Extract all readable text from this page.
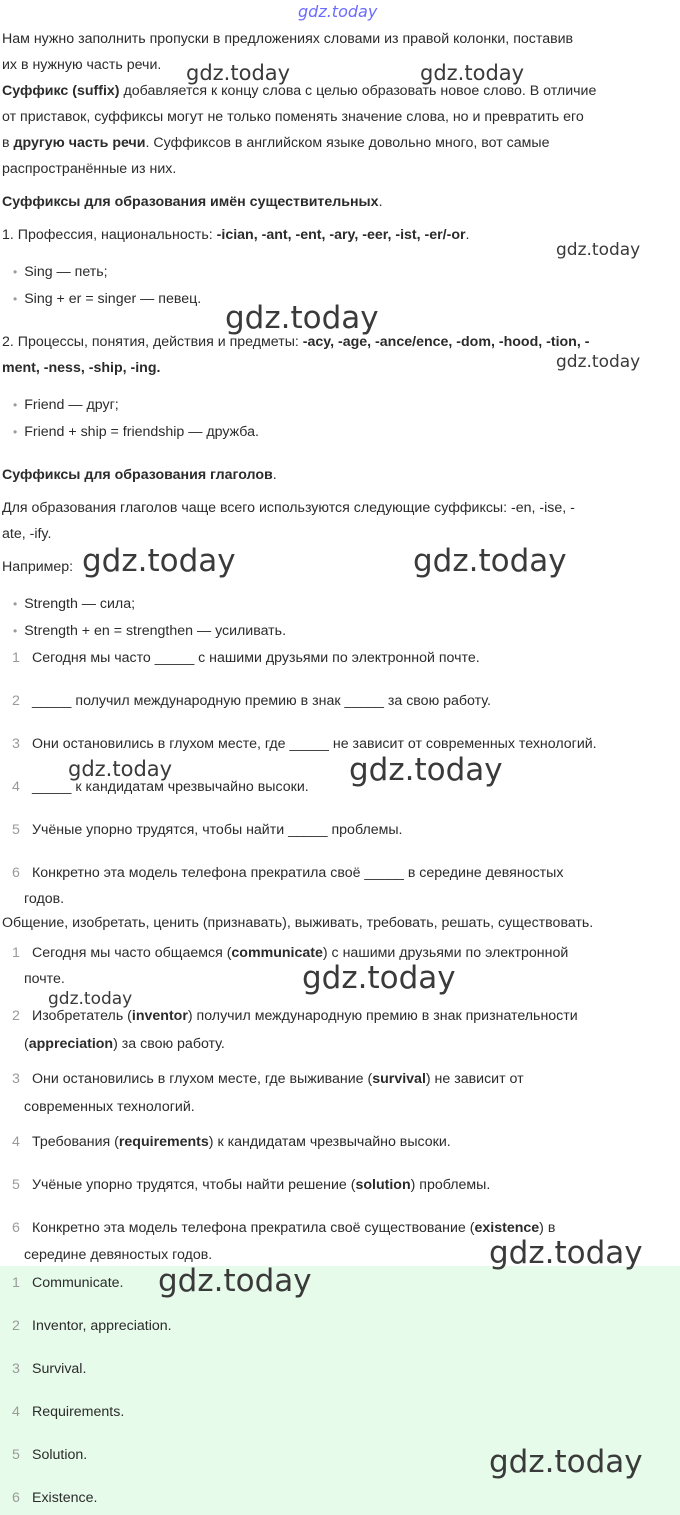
gdz.today
gdz.today	gdz.today
gdz.today
gdz.today
gdz.today
gdz.today	gdz.today
gdz.today	gdz.today
gdz.today
gdz.today
gdz.today
gdz.today
gdz.today
Нам нужно заполнить пропуски в предложениях словами из правой колонки, поставив
их в нужную часть речи.
Суффикс (suffix) добавляется к концу слова с целью образовать новое слово. В отличие
от приставок, суффиксы могут не только поменять значение слова, но и превратить его
в другую часть речи. Суффиксов в английском языке довольно много, вот самые
распространённые из них.
Суффиксы для образования имён существительных.
1. Профессия, национальность: -ician, -ant, -ent, -ary, -eer, -ist, -er/-or.
• Sing — петь;
• Sing + er = singer — певец.
2. Процессы, понятия, действия и предметы: -acy, -age, -ance/ence, -dom, -hood, -tion, -
ment, -ness, -ship, -ing.
• Friend — друг;
• Friend + ship = friendship — дружба.
Суффиксы для образования глаголов.
Для образования глаголов чаще всего используются следующие суффиксы: -en, -ise, -
ate, -ify.
Например:
• Strength — сила;
• Strength + en = strengthen — усиливать.
1 Сегодня мы часто _____ с нашими друзьями по электронной почте.
2 _____ получил международную премию в знак _____ за свою работу.
3 Они остановились в глухом месте, где _____ не зависит от современных технологий.
4 _____ к кандидатам чрезвычайно высоки.
5 Учёные упорно трудятся, чтобы найти _____ проблемы.
6 Конкретно эта модель телефона прекратила своё _____ в середине девяностых
годов.
Общение, изобретать, ценить (признавать), выживать, требовать, решать, существовать.
1 Сегодня мы часто общаемся (communicate) с нашими друзьями по электронной
почте.
2 Изобретатель (inventor) получил международную премию в знак признательности
(appreciation) за свою работу.
3 Они остановились в глухом месте, где выживание (survival) не зависит от
современных технологий.
4 Требования (requirements) к кандидатам чрезвычайно высоки.
5 Учёные упорно трудятся, чтобы найти решение (solution) проблемы.
6 Конкретно эта модель телефона прекратила своё существование (existence) в
середине девяностых годов.
1 Communicate.
2 Inventor, appreciation.
3 Survival.
4 Requirements.
5 Solution.
6 Existence.
